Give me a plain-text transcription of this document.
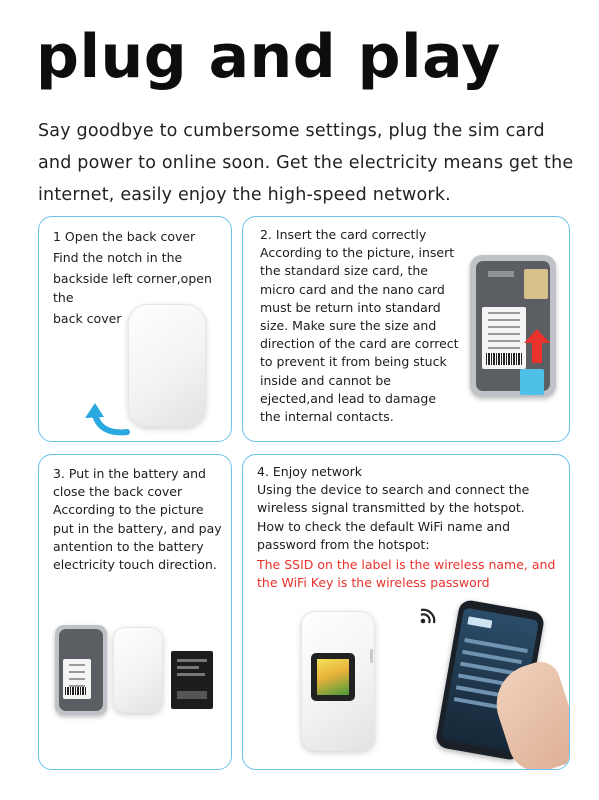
plug and play
Say goodbye to cumbersome settings, plug the sim card and power to online soon. Get the electricity means get the internet, easily enjoy the high-speed network.
1 Open the back cover
Find the notch in the
backside left corner,open the
back cover
2. Insert the card correctly
According to the picture, insert
the standard size card, the
micro card and the nano card
must be return into standard
size. Make sure the size and
direction of the card are correct
to prevent it from being stuck
inside and cannot be
ejected,and lead to damage
the internal contacts.
3. Put in the battery and
close the back cover
According to the picture
put in the battery, and pay
antention to the battery
electricity touch direction.
4. Enjoy network
Using the device to search and connect the
wireless signal transmitted by the hotspot.
How to check the default WiFi name and
password from the hotspot:
The SSID on the label is the wireless name, and
the WiFi Key is the wireless password
